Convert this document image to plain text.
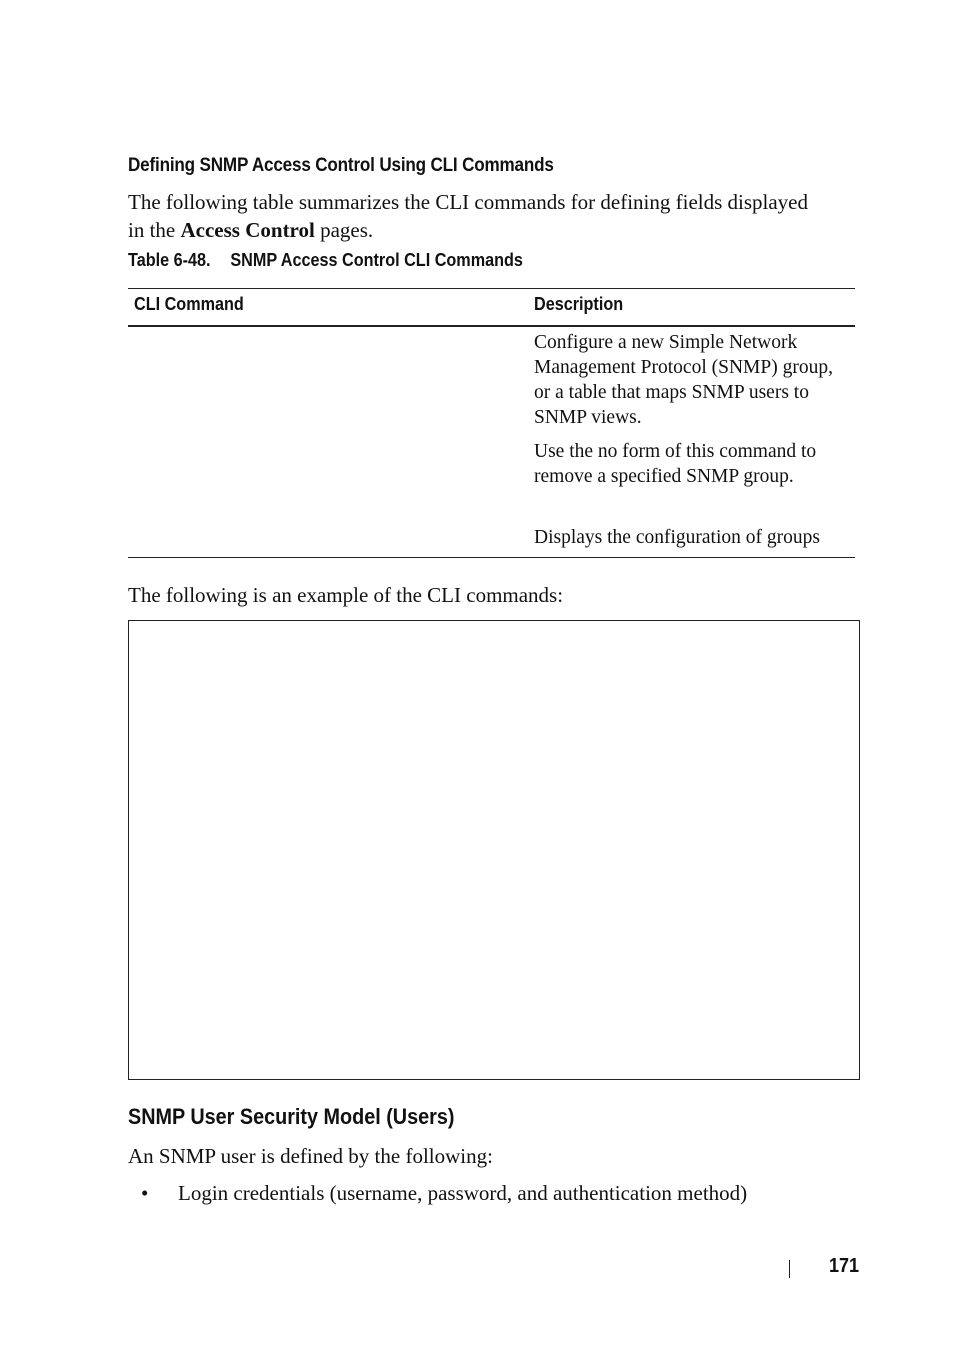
Defining SNMP Access Control Using CLI Commands

The following table summarizes the CLI commands for defining fields displayed in the Access Control pages.

Table 6-48. SNMP Access Control CLI Commands
CLI Command	Description
Configure a new Simple Network Management Protocol (SNMP) group, or a table that maps SNMP users to SNMP views.
Use the no form of this command to remove a specified SNMP group.
Displays the configuration of groups
The following is an example of the CLI commands:
SNMP User Security Model (Users)
An SNMP user is defined by the following:
• Login credentials (username, password, and authentication method)
171
